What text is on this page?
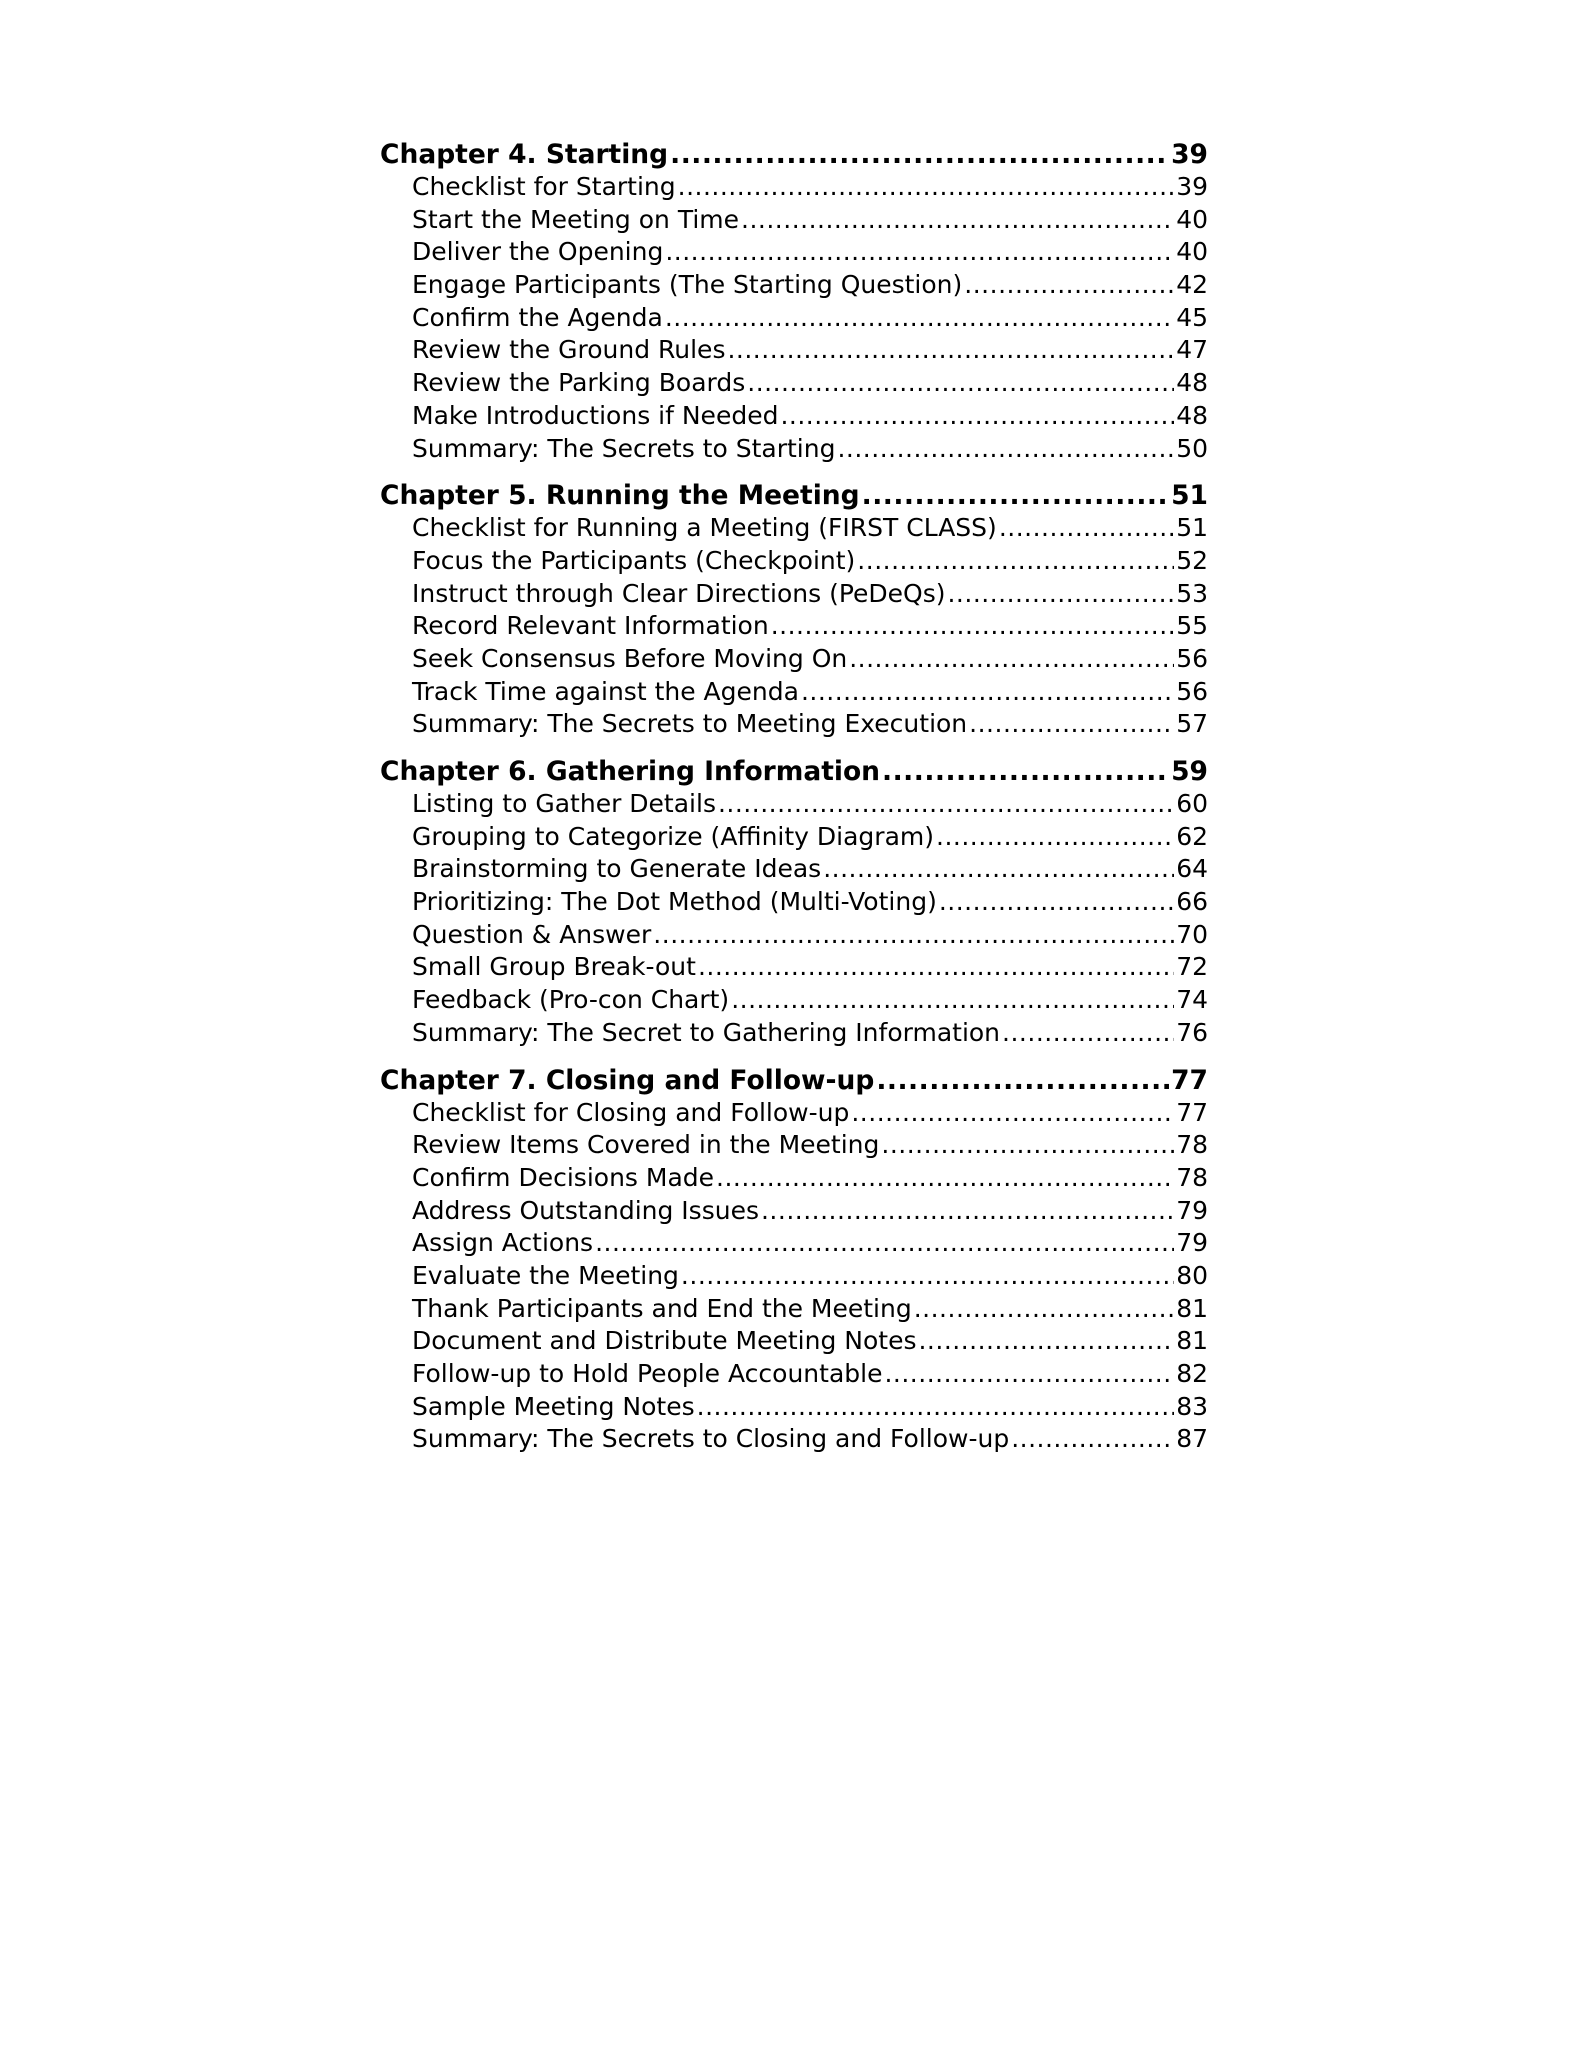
Chapter 4. Starting .....	39
Checklist for Starting .....	39
Start the Meeting on Time .....	40
Deliver the Opening .....	40
Engage Participants (The Starting Question) .....	42
Confirm the Agenda .....	45
Review the Ground Rules .....	47
Review the Parking Boards .....	48
Make Introductions if Needed .....	48
Summary: The Secrets to Starting .....	50
Chapter 5. Running the Meeting .....	51
Checklist for Running a Meeting (FIRST CLASS) .....	51
Focus the Participants (Checkpoint) .....	52
Instruct through Clear Directions (PeDeQs) .....	53
Record Relevant Information .....	55
Seek Consensus Before Moving On .....	56
Track Time against the Agenda .....	56
Summary: The Secrets to Meeting Execution .....	57
Chapter 6. Gathering Information .....	59
Listing to Gather Details .....	60
Grouping to Categorize (Affinity Diagram) .....	62
Brainstorming to Generate Ideas .....	64
Prioritizing: The Dot Method (Multi-Voting) .....	66
Question & Answer .....	70
Small Group Break-out .....	72
Feedback (Pro-con Chart) .....	74
Summary: The Secret to Gathering Information .....	76
Chapter 7. Closing and Follow-up .....	77
Checklist for Closing and Follow-up .....	77
Review Items Covered in the Meeting .....	78
Confirm Decisions Made .....	78
Address Outstanding Issues .....	79
Assign Actions .....	79
Evaluate the Meeting .....	80
Thank Participants and End the Meeting .....	81
Document and Distribute Meeting Notes .....	81
Follow-up to Hold People Accountable .....	82
Sample Meeting Notes .....	83
Summary: The Secrets to Closing and Follow-up .....	87
